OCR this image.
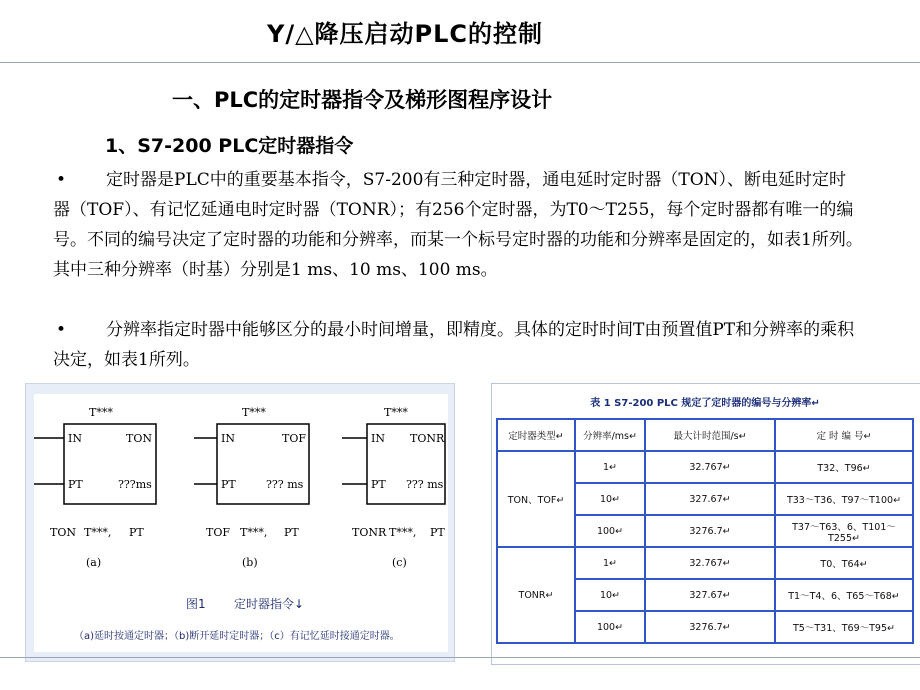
Y/△降压启动PLC的控制
一、PLC的定时器指令及梯形图程序设计
1、S7-200 PLC定时器指令
•	定时器是PLC中的重要基本指令，S7-200有三种定时器，通电延时定时器（TON）、断电延时定时器（TOF）、有记忆延通电时定时器（TONR）；有256个定时器，为T0～T255，每个定时器都有唯一的编号。不同的编号决定了定时器的功能和分辨率，而某一个标号定时器的功能和分辨率是固定的，如表1所列。其中三种分辨率（时基）分别是1 ms、10 ms、100 ms。
•	分辨率指定时器中能够区分的最小时间增量，即精度。具体的定时时间T由预置值PT和分辨率的乘积决定，如表1所列。
T***
IN	TON
PT	???ms
TON T***, PT
(a)
T***
IN	TOF
PT	??? ms
TOF T***, PT
(b)
T***
IN TONR
PT ??? ms
TONR T***, PT
(c)
图1 定时器指令↓
（a)延时按通定时器；（b)断开延时定时器；（c）有记忆延时接通定时器。
表 1 S7-200 PLC 规定了定时器的编号与分辨率↵
定时器类型↵	分辨率/ms↵	最大计时范围/s↵	定 时 编 号↵
TON、TOF↵	1↵	32.767↵	T32、T96↵
	10↵	327.67↵	T33～T36、T97～T100↵
	100↵	3276.7↵	T37～T63、6、T101～T255↵
TONR↵	1↵	32.767↵	T0、T64↵
	10↵	327.67↵	T1～T4、6、T65～T68↵
	100↵	3276.7↵	T5～T31、T69～T95↵
